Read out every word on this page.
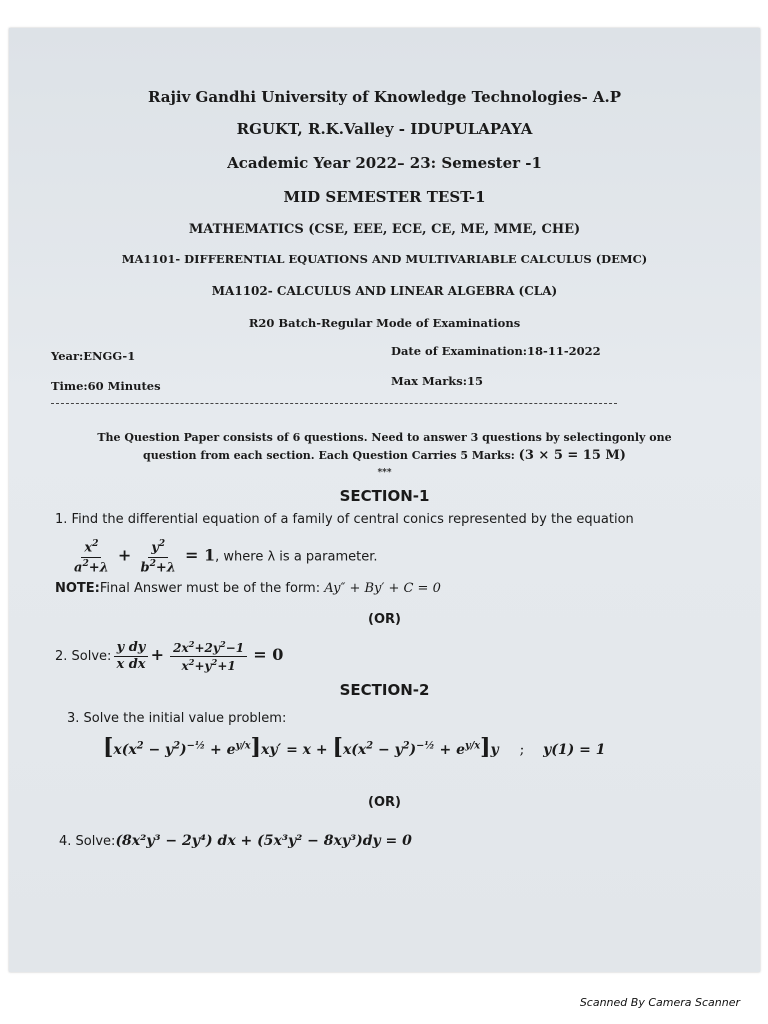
Rajiv Gandhi University of Knowledge Technologies- A.P
RGUKT, R.K.Valley - IDUPULAPAYA
Academic Year 2022– 23: Semester -1
MID SEMESTER TEST-1
MATHEMATICS (CSE, EEE, ECE, CE, ME, MME, CHE)
MA1101- DIFFERENTIAL EQUATIONS AND MULTIVARIABLE CALCULUS (DEMC)
MA1102- CALCULUS AND LINEAR ALGEBRA (CLA)
R20 Batch-Regular Mode of Examinations
Year:ENGG-1	Date of Examination:18-11-2022
Time:60 Minutes	Max Marks:15
The Question Paper consists of 6 questions. Need to answer 3 questions by selectingonly one
question from each section. Each Question Carries 5 Marks: (3 × 5 = 15 M)
***
SECTION-1
1. Find the differential equation of a family of central conics represented by the equation
$\frac{x^2}{a^2+\lambda} + \frac{y^2}{b^2+\lambda} = 1$, where λ is a parameter.
NOTE:Final Answer must be of the form: Ay″ + By′ + C = 0
(OR)
2. Solve: $\frac{\text{y dy}}{\text{x dx}} + \frac{2x^2+2y^2-1}{x^2+y^2+1} = 0$
SECTION-2
3. Solve the initial value problem:
$[x(x^2 - y^2)^{-\frac{1}{2}} + e^{y/x}]xy' = x + [x(x^2 - y^2)^{-\frac{1}{2}} + e^{y/x}]y$ ; y(1) = 1
(OR)
4. Solve:(8x²y³ − 2y⁴) dx + (5x³y² − 8xy³)dy = 0
Scanned By Camera Scanner
